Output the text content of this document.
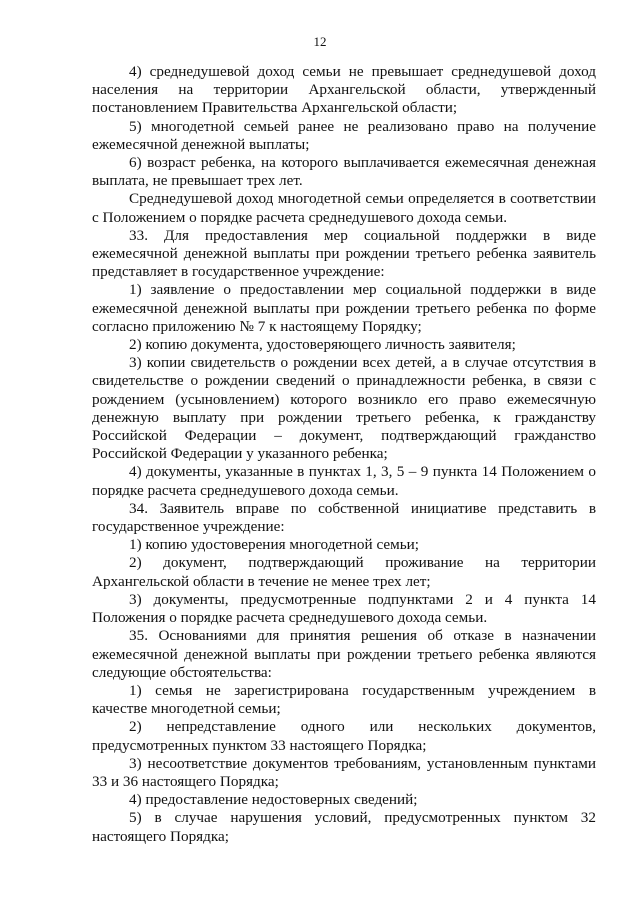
12

4) среднедушевой доход семьи не превышает среднедушевой доход населения на территории Архангельской области, утвержденный постановлением Правительства Архангельской области;

5) многодетной семьей ранее не реализовано право на получение ежемесячной денежной выплаты;

6) возраст ребенка, на которого выплачивается ежемесячная денежная выплата, не превышает трех лет.

Среднедушевой доход многодетной семьи определяется в соответствии с Положением о порядке расчета среднедушевого дохода семьи.

33. Для предоставления мер социальной поддержки в виде ежемесячной денежной выплаты при рождении третьего ребенка заявитель представляет в государственное учреждение:

1) заявление о предоставлении мер социальной поддержки в виде ежемесячной денежной выплаты при рождении третьего ребенка по форме согласно приложению № 7 к настоящему Порядку;

2) копию документа, удостоверяющего личность заявителя;

3) копии свидетельств о рождении всех детей, а в случае отсутствия в свидетельстве о рождении сведений о принадлежности ребенка, в связи с рождением (усыновлением) которого возникло его право ежемесячную денежную выплату при рождении третьего ребенка, к гражданству Российской Федерации – документ, подтверждающий гражданство Российской Федерации у указанного ребенка;

4) документы, указанные в пунктах 1, 3, 5 – 9 пункта 14 Положением о порядке расчета среднедушевого дохода семьи.

34. Заявитель вправе по собственной инициативе представить в государственное учреждение:

1) копию удостоверения многодетной семьи;

2) документ, подтверждающий проживание на территории Архангельской области в течение не менее трех лет;

3) документы, предусмотренные подпунктами 2 и 4 пункта 14 Положения о порядке расчета среднедушевого дохода семьи.

35. Основаниями для принятия решения об отказе в назначении ежемесячной денежной выплаты при рождении третьего ребенка являются следующие обстоятельства:

1) семья не зарегистрирована государственным учреждением в качестве многодетной семьи;

2) непредставление одного или нескольких документов, предусмотренных пунктом 33 настоящего Порядка;

3) несоответствие документов требованиям, установленным пунктами 33 и 36 настоящего Порядка;

4) предоставление недостоверных сведений;

5) в случае нарушения условий, предусмотренных пунктом 32 настоящего Порядка;
